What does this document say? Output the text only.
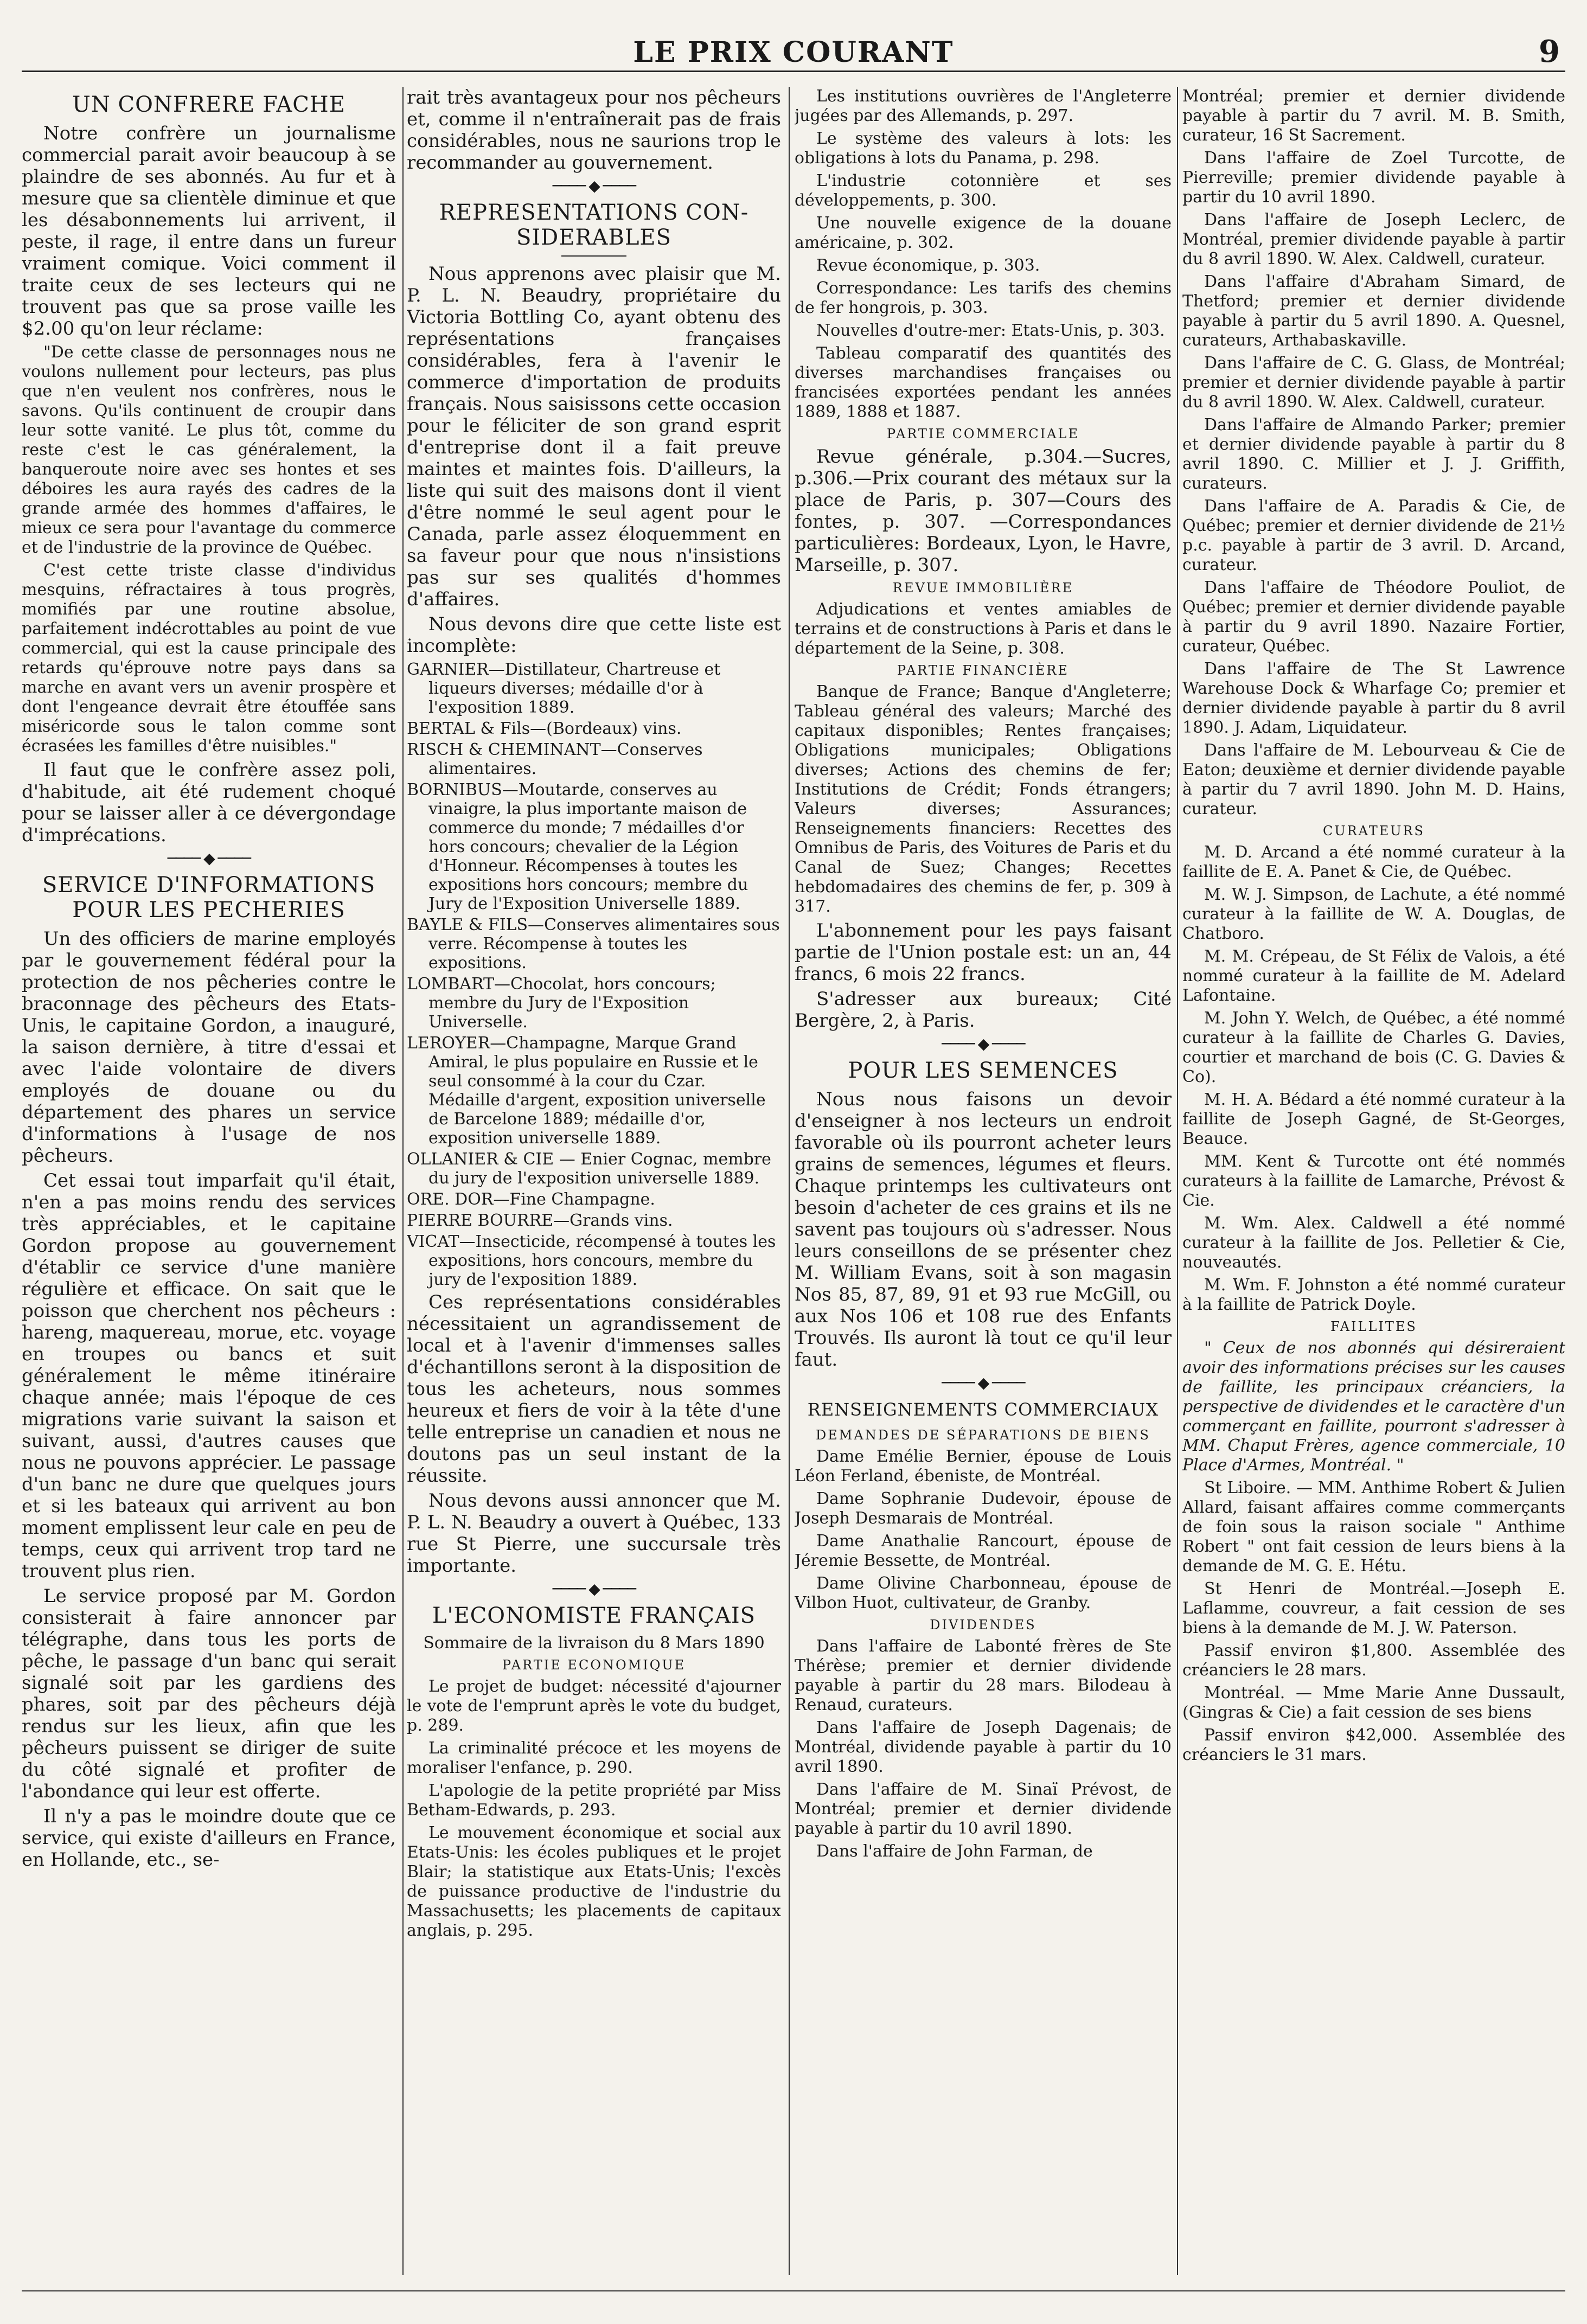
LE PRIX COURANT	9
UN CONFRERE FACHE

Notre confrère un journalisme commercial parait avoir beaucoup à se plaindre de ses abonnés. Au fur et à mesure que sa clientèle diminue et que les désabonnements lui arrivent, il peste, il rage, il entre dans un fureur vraiment comique. Voici comment il traite ceux de ses lecteurs qui ne trouvent pas que sa prose vaille les $2.00 qu'on leur réclame:

"De cette classe de personnages nous ne voulons nullement pour lecteurs, pas plus que n'en veulent nos confrères, nous le savons. Qu'ils continuent de croupir dans leur sotte vanité. Le plus tôt, comme du reste c'est le cas généralement, la banqueroute noire avec ses hontes et ses déboires les aura rayés des cadres de la grande armée des hommes d'affaires, le mieux ce sera pour l'avantage du commerce et de l'industrie de la province de Québec.

C'est cette triste classe d'individus mesquins, réfractaires à tous progrès, momifiés par une routine absolue, parfaitement indécrottables au point de vue commercial, qui est la cause principale des retards qu'éprouve notre pays dans sa marche en avant vers un avenir prospère et dont l'engeance devrait être étouffée sans miséricorde sous le talon comme sont écrasées les familles d'être nuisibles."

Il faut que le confrère assez poli, d'habitude, ait été rudement choqué pour se laisser aller à ce dévergondage d'imprécations.

──── ◆ ────
SERVICE D'INFORMATIONS
POUR LES PECHERIES

Un des officiers de marine employés par le gouvernement fédéral pour la protection de nos pêcheries contre le braconnage des pêcheurs des Etats-Unis, le capitaine Gordon, a inauguré, la saison dernière, à titre d'essai et avec l'aide volontaire de divers employés de douane ou du département des phares un service d'informations à l'usage de nos pêcheurs.

Cet essai tout imparfait qu'il était, n'en a pas moins rendu des services très appréciables, et le capitaine Gordon propose au gouvernement d'établir ce service d'une manière régulière et efficace. On sait que le poisson que cherchent nos pêcheurs : hareng, maquereau, morue, etc. voyage en troupes ou bancs et suit généralement le même itinéraire chaque année; mais l'époque de ces migrations varie suivant la saison et suivant, aussi, d'autres causes que nous ne pouvons apprécier. Le passage d'un banc ne dure que quelques jours et si les bateaux qui arrivent au bon moment emplissent leur cale en peu de temps, ceux qui arrivent trop tard ne trouvent plus rien.

Le service proposé par M. Gordon consisterait à faire annoncer par télégraphe, dans tous les ports de pêche, le passage d'un banc qui serait signalé soit par les gardiens des phares, soit par des pêcheurs déjà rendus sur les lieux, afin que les pêcheurs puissent se diriger de suite du côté signalé et profiter de l'abondance qui leur est offerte.

Il n'y a pas le moindre doute que ce service, qui existe d'ailleurs en France, en Hollande, etc., se-

rait très avantageux pour nos pêcheurs et, comme il n'entraînerait pas de frais considérables, nous ne saurions trop le recommander au gouvernement.

──── ◆ ────
REPRESENTATIONS CON-
SIDERABLES

Nous apprenons avec plaisir que M. P. L. N. Beaudry, propriétaire du Victoria Bottling Co, ayant obtenu des représentations françaises considérables, fera à l'avenir le commerce d'importation de produits français. Nous saisissons cette occasion pour le féliciter de son grand esprit d'entreprise dont il a fait preuve maintes et maintes fois. D'ailleurs, la liste qui suit des maisons dont il vient d'être nommé le seul agent pour le Canada, parle assez éloquemment en sa faveur pour que nous n'insistions pas sur ses qualités d'hommes d'affaires.

Nous devons dire que cette liste est incomplète:

GARNIER—Distillateur, Chartreuse et liqueurs diverses; médaille d'or à l'exposition 1889.
BERTAL & Fils—(Bordeaux) vins.
RISCH & CHEMINANT—Conserves alimentaires.
BORNIBUS—Moutarde, conserves au vinaigre, la plus importante maison de commerce du monde; 7 médailles d'or hors concours; chevalier de la Légion d'Honneur. Récompenses à toutes les expositions hors concours; membre du Jury de l'Exposition Universelle 1889.
BAYLE & FILS—Conserves alimentaires sous verre. Récompense à toutes les expositions.
LOMBART—Chocolat, hors concours; membre du Jury de l'Exposition Universelle.
LEROYER—Champagne, Marque Grand Amiral, le plus populaire en Russie et le seul consommé à la cour du Czar. Médaille d'argent, exposition universelle de Barcelone 1889; médaille d'or, exposition universelle 1889.
OLLANIER & CIE — Enier Cognac, membre du jury de l'exposition universelle 1889.
ORE. DOR—Fine Champagne.
PIERRE BOURRE—Grands vins.
VICAT—Insecticide, récompensé à toutes les expositions, hors concours, membre du jury de l'exposition 1889.

Ces représentations considérables nécessitaient un agrandissement de local et à l'avenir d'immenses salles d'échantillons seront à la disposition de tous les acheteurs, nous sommes heureux et fiers de voir à la tête d'une telle entreprise un canadien et nous ne doutons pas un seul instant de la réussite.

Nous devons aussi annoncer que M. P. L. N. Beaudry a ouvert à Québec, 133 rue St Pierre, une succursale très importante.

──── ◆ ────
L'ECONOMISTE FRANÇAIS

Sommaire de la livraison du 8 Mars 1890

PARTIE ECONOMIQUE

Le projet de budget: nécessité d'ajourner le vote de l'emprunt après le vote du budget, p. 289.

La criminalité précoce et les moyens de moraliser l'enfance, p. 290.

L'apologie de la petite propriété par Miss Betham-Edwards, p. 293.

Le mouvement économique et social aux Etats-Unis: les écoles publiques et le projet Blair; la statistique aux Etats-Unis; l'excès de puissance productive de l'industrie du Massachusetts; les placements de capitaux anglais, p. 295.

Les institutions ouvrières de l'Angleterre jugées par des Allemands, p. 297.

Le système des valeurs à lots: les obligations à lots du Panama, p. 298.

L'industrie cotonnière et ses développements, p. 300.

Une nouvelle exigence de la douane américaine, p. 302.

Revue économique, p. 303.

Correspondance: Les tarifs des chemins de fer hongrois, p. 303.

Nouvelles d'outre-mer: Etats-Unis, p. 303.

Tableau comparatif des quantités des diverses marchandises françaises ou francisées exportées pendant les années 1889, 1888 et 1887.

PARTIE COMMERCIALE

Revue générale, p.304.—Sucres, p.306.—Prix courant des métaux sur la place de Paris, p. 307—Cours des fontes, p. 307. —Correspondances particulières: Bordeaux, Lyon, le Havre, Marseille, p. 307.

REVUE IMMOBILIÈRE

Adjudications et ventes amiables de terrains et de constructions à Paris et dans le département de la Seine, p. 308.

PARTIE FINANCIÈRE

Banque de France; Banque d'Angleterre; Tableau général des valeurs; Marché des capitaux disponibles; Rentes françaises; Obligations municipales; Obligations diverses; Actions des chemins de fer; Institutions de Crédit; Fonds étrangers; Valeurs diverses; Assurances; Renseignements financiers: Recettes des Omnibus de Paris, des Voitures de Paris et du Canal de Suez; Changes; Recettes hebdomadaires des chemins de fer, p. 309 à 317.

L'abonnement pour les pays faisant partie de l'Union postale est: un an, 44 francs, 6 mois 22 francs.

S'adresser aux bureaux; Cité Bergère, 2, à Paris.

──── ◆ ────
POUR LES SEMENCES

Nous nous faisons un devoir d'enseigner à nos lecteurs un endroit favorable où ils pourront acheter leurs grains de semences, légumes et fleurs. Chaque printemps les cultivateurs ont besoin d'acheter de ces grains et ils ne savent pas toujours où s'adresser. Nous leurs conseillons de se présenter chez M. William Evans, soit à son magasin Nos 85, 87, 89, 91 et 93 rue McGill, ou aux Nos 106 et 108 rue des Enfants Trouvés. Ils auront là tout ce qu'il leur faut.

──── ◆ ────
RENSEIGNEMENTS COMMERCIAUX
DEMANDES DE SÉPARATIONS DE BIENS

Dame Emélie Bernier, épouse de Louis Léon Ferland, ébeniste, de Montréal.

Dame Sophranie Dudevoir, épouse de Joseph Desmarais de Montréal.

Dame Anathalie Rancourt, épouse de Jéremie Bessette, de Montréal.

Dame Olivine Charbonneau, épouse de Vilbon Huot, cultivateur, de Granby.

DIVIDENDES

Dans l'affaire de Labonté frères de Ste Thérèse; premier et dernier dividende payable à partir du 28 mars. Bilodeau à Renaud, curateurs.

Dans l'affaire de Joseph Dagenais; de Montréal, dividende payable à partir du 10 avril 1890.

Dans l'affaire de M. Sinaï Prévost, de Montréal; premier et dernier dividende payable à partir du 10 avril 1890.

Dans l'affaire de John Farman, de

Montréal; premier et dernier dividende payable à partir du 7 avril. M. B. Smith, curateur, 16 St Sacrement.

Dans l'affaire de Zoel Turcotte, de Pierreville; premier dividende payable à partir du 10 avril 1890.

Dans l'affaire de Joseph Leclerc, de Montréal, premier dividende payable à partir du 8 avril 1890. W. Alex. Caldwell, curateur.

Dans l'affaire d'Abraham Simard, de Thetford; premier et dernier dividende payable à partir du 5 avril 1890. A. Quesnel, curateurs, Arthabaskaville.

Dans l'affaire de C. G. Glass, de Montréal; premier et dernier dividende payable à partir du 8 avril 1890. W. Alex. Caldwell, curateur.

Dans l'affaire de Almando Parker; premier et dernier dividende payable à partir du 8 avril 1890. C. Millier et J. J. Griffith, curateurs.

Dans l'affaire de A. Paradis & Cie, de Québec; premier et dernier dividende de 21½ p.c. payable à partir de 3 avril. D. Arcand, curateur.

Dans l'affaire de Théodore Pouliot, de Québec; premier et dernier dividende payable à partir du 9 avril 1890. Nazaire Fortier, curateur, Québec.

Dans l'affaire de The St Lawrence Warehouse Dock & Wharfage Co; premier et dernier dividende payable à partir du 8 avril 1890. J. Adam, Liquidateur.

Dans l'affaire de M. Lebourveau & Cie de Eaton; deuxième et dernier dividende payable à partir du 7 avril 1890. John M. D. Hains, curateur.

CURATEURS

M. D. Arcand a été nommé curateur à la faillite de E. A. Panet & Cie, de Québec.

M. W. J. Simpson, de Lachute, a été nommé curateur à la faillite de W. A. Douglas, de Chatboro.

M. M. Crépeau, de St Félix de Valois, a été nommé curateur à la faillite de M. Adelard Lafontaine.

M. John Y. Welch, de Québec, a été nommé curateur à la faillite de Charles G. Davies, courtier et marchand de bois (C. G. Davies & Co).

M. H. A. Bédard a été nommé curateur à la faillite de Joseph Gagné, de St-Georges, Beauce.

MM. Kent & Turcotte ont été nommés curateurs à la faillite de Lamarche, Prévost & Cie.

M. Wm. Alex. Caldwell a été nommé curateur à la faillite de Jos. Pelletier & Cie, nouveautés.

M. Wm. F. Johnston a été nommé curateur à la faillite de Patrick Doyle.

FAILLITES

" Ceux de nos abonnés qui désireraient avoir des informations précises sur les causes de faillite, les principaux créanciers, la perspective de dividendes et le caractère d'un commerçant en faillite, pourront s'adresser à MM. Chaput Frères, agence commerciale, 10 Place d'Armes, Montréal. "

St Liboire. — MM. Anthime Robert & Julien Allard, faisant affaires comme commerçants de foin sous la raison sociale " Anthime Robert " ont fait cession de leurs biens à la demande de M. G. E. Hétu.

St Henri de Montréal.—Joseph E. Laflamme, couvreur, a fait cession de ses biens à la demande de M. J. W. Paterson.

Passif environ $1,800. Assemblée des créanciers le 28 mars.

Montréal. — Mme Marie Anne Dussault, (Gingras & Cie) a fait cession de ses biens

Passif environ $42,000. Assemblée des créanciers le 31 mars.
